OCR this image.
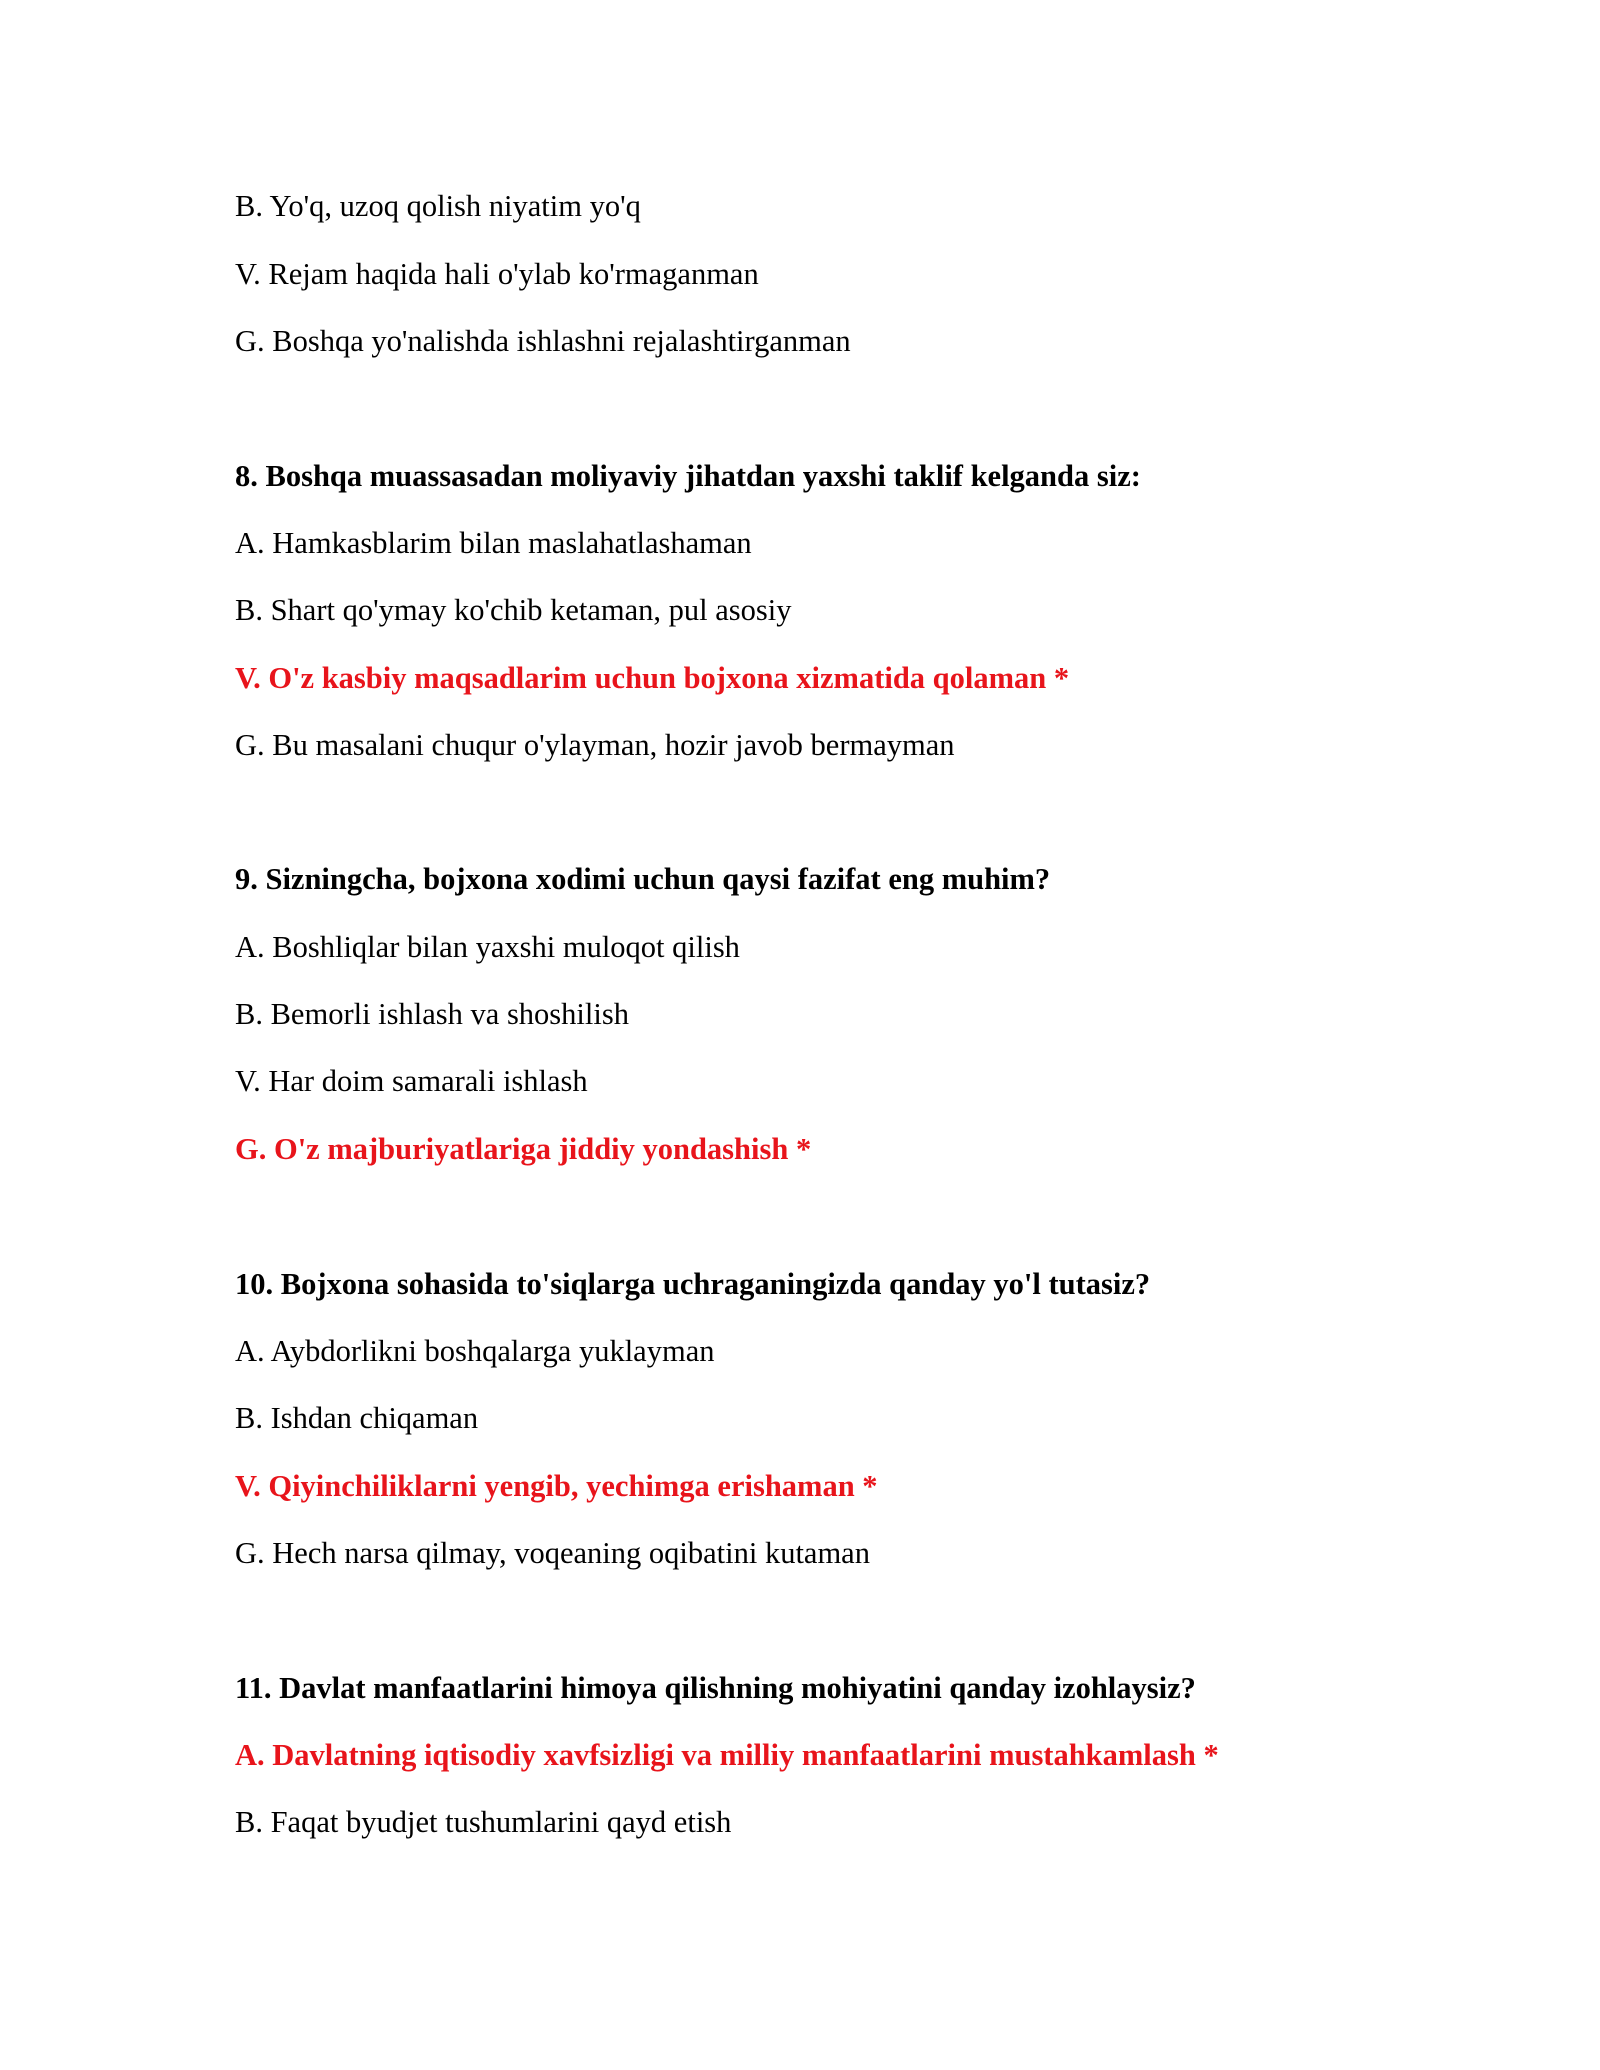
B. Yo'q, uzoq qolish niyatim yo'q
V. Rejam haqida hali o'ylab ko'rmaganman
G. Boshqa yo'nalishda ishlashni rejalashtirganman
8. Boshqa muassasadan moliyaviy jihatdan yaxshi taklif kelganda siz:
A. Hamkasblarim bilan maslahatlashaman
B. Shart qo'ymay ko'chib ketaman, pul asosiy
V. O'z kasbiy maqsadlarim uchun bojxona xizmatida qolaman *
G. Bu masalani chuqur o'ylayman, hozir javob bermayman
9. Sizningcha, bojxona xodimi uchun qaysi fazifat eng muhim?
A. Boshliqlar bilan yaxshi muloqot qilish
B. Bemorli ishlash va shoshilish
V. Har doim samarali ishlash
G. O'z majburiyatlariga jiddiy yondashish *
10. Bojxona sohasida to'siqlarga uchraganingizda qanday yo'l tutasiz?
A. Aybdorlikni boshqalarga yuklayman
B. Ishdan chiqaman
V. Qiyinchiliklarni yengib, yechimga erishaman *
G. Hech narsa qilmay, voqeaning oqibatini kutaman
11. Davlat manfaatlarini himoya qilishning mohiyatini qanday izohlaysiz?
A. Davlatning iqtisodiy xavfsizligi va milliy manfaatlarini mustahkamlash *
B. Faqat byudjet tushumlarini qayd etish
